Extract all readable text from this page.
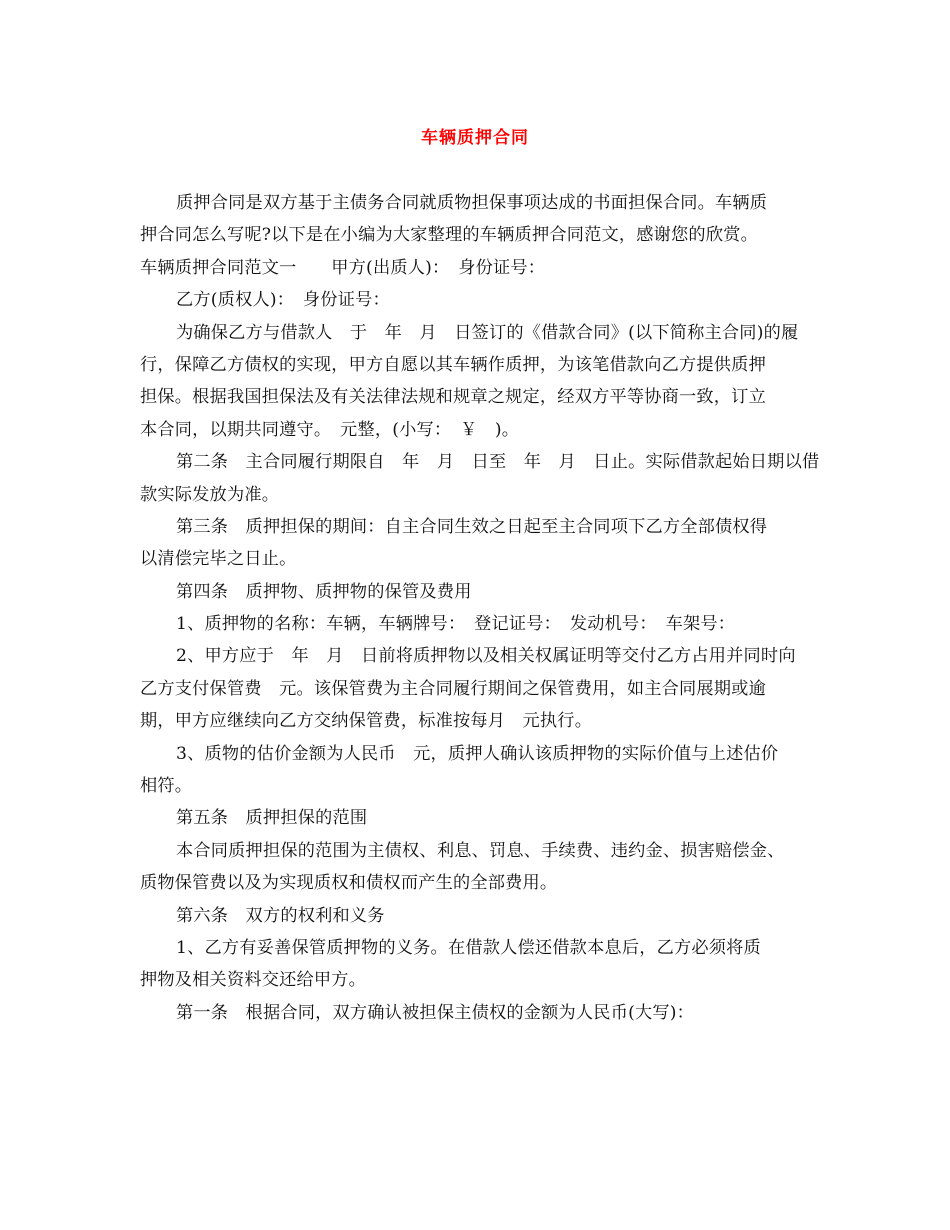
车辆质押合同
质押合同是双方基于主债务合同就质物担保事项达成的书面担保合同。车辆质
押合同怎么写呢?以下是在小编为大家整理的车辆质押合同范文，感谢您的欣赏。
车辆质押合同范文一　　甲方(出质人)：　身份证号：
乙方(质权人)：　身份证号：
为确保乙方与借款人　于　年　月　日签订的《借款合同》(以下简称主合同)的履
行，保障乙方债权的实现，甲方自愿以其车辆作质押，为该笔借款向乙方提供质押
担保。根据我国担保法及有关法律法规和规章之规定，经双方平等协商一致，订立
本合同，以期共同遵守。　元整，(小写：　￥　)。
第二条　主合同履行期限自　年　月　日至　年　月　日止。实际借款起始日期以借
款实际发放为准。
第三条　质押担保的期间：自主合同生效之日起至主合同项下乙方全部债权得
以清偿完毕之日止。
第四条　质押物、质押物的保管及费用
1、质押物的名称：车辆，车辆牌号：　登记证号：　发动机号：　车架号：
2、甲方应于　年　月　日前将质押物以及相关权属证明等交付乙方占用并同时向
乙方支付保管费　元。该保管费为主合同履行期间之保管费用，如主合同展期或逾
期，甲方应继续向乙方交纳保管费，标准按每月　元执行。
3、质物的估价金额为人民币　元，质押人确认该质押物的实际价值与上述估价
相符。
第五条　质押担保的范围
本合同质押担保的范围为主债权、利息、罚息、手续费、违约金、损害赔偿金、
质物保管费以及为实现质权和债权而产生的全部费用。
第六条　双方的权利和义务
1、乙方有妥善保管质押物的义务。在借款人偿还借款本息后，乙方必须将质
押物及相关资料交还给甲方。
第一条　根据合同，双方确认被担保主债权的金额为人民币(大写)：
